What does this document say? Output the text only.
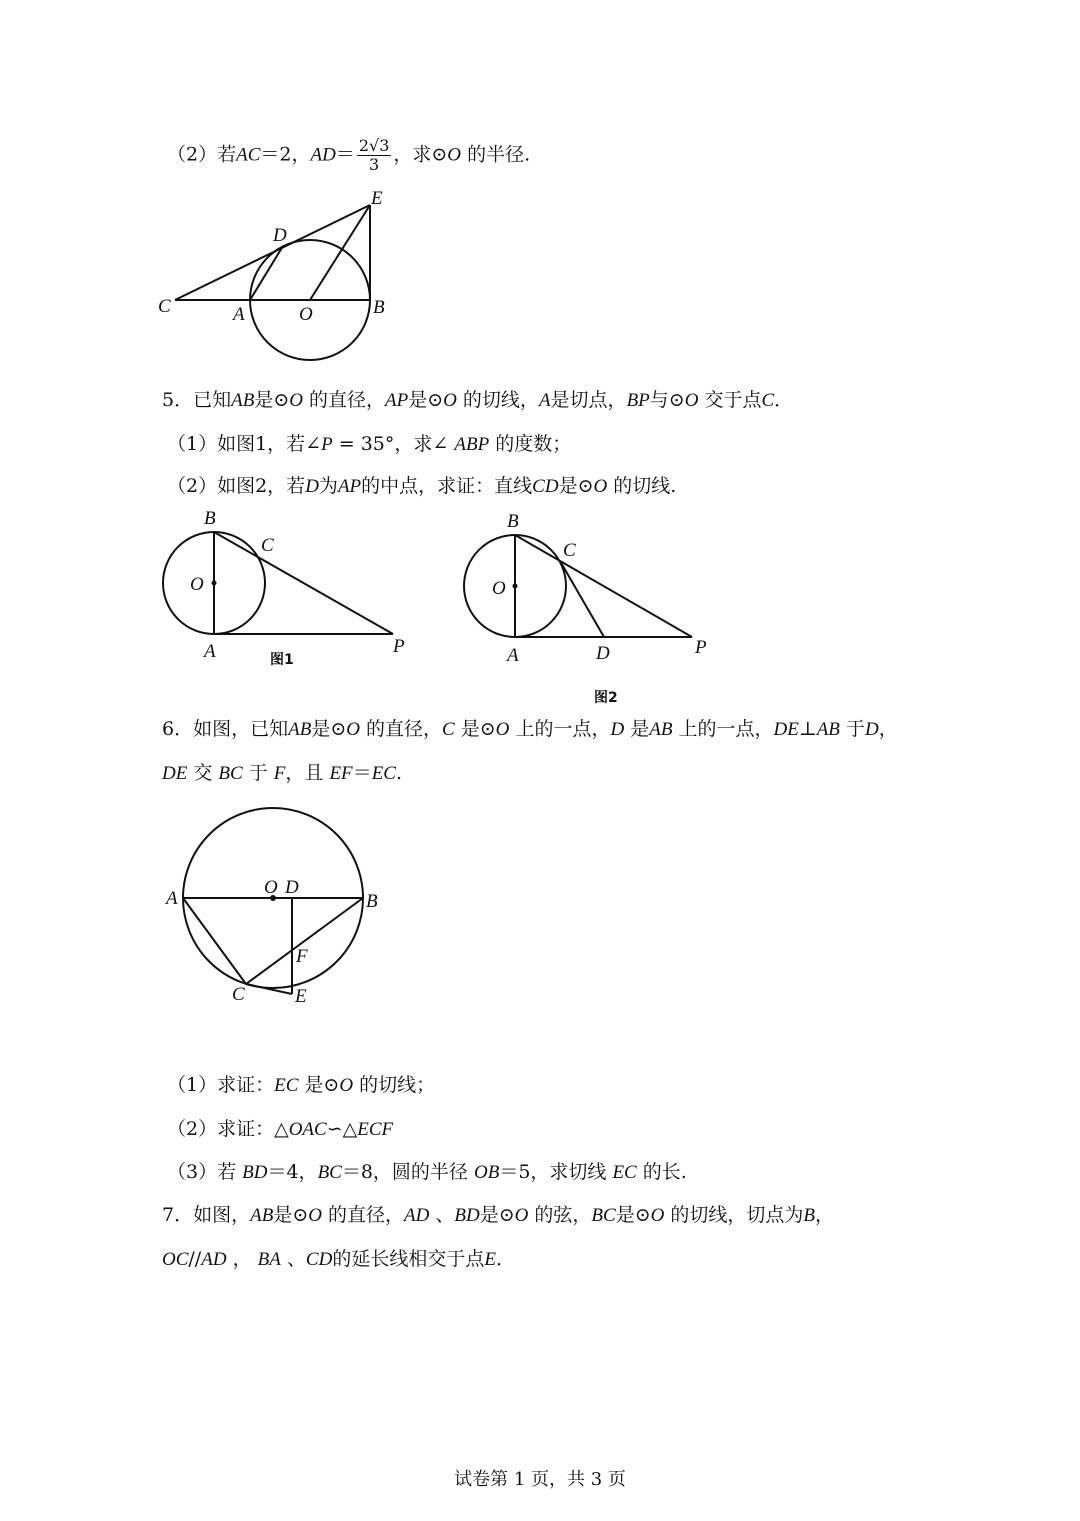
（2）若AC＝2，$AD= \frac{2√3}{3}$ ，求⊙O 的半径.
C	A	O	B
D
E
5．已知AB是⊙O 的直径，AP是⊙O 的切线，A是切点，BP与⊙O 交于点C．
（1）如图1，若∠P = 35°，求∠ ABP 的度数；
（2）如图2，若D为AP的中点，求证：直线CD是⊙O 的切线.
B
C
O
A	P
图1
B
C
O
A	D	P
图2
6．如图，已知AB是⊙O 的直径，C 是⊙O 上的一点，D 是AB 上的一点，DE⊥AB 于D，
DE 交 BC 于 F，且 EF＝EC.
A
O D
B
F
C	E
（1）求证：EC 是⊙O 的切线；
（2）求证：△OAC∽△ECF
（3）若 BD＝4，BC＝8，圆的半径 OB＝5，求切线 EC 的长.
7．如图，AB是⊙O 的直径，AD 、BD是⊙O 的弦，BC是⊙O 的切线，切点为B，
OC//AD ， BA 、CD的延长线相交于点E．
试卷第 1 页，共 3 页
